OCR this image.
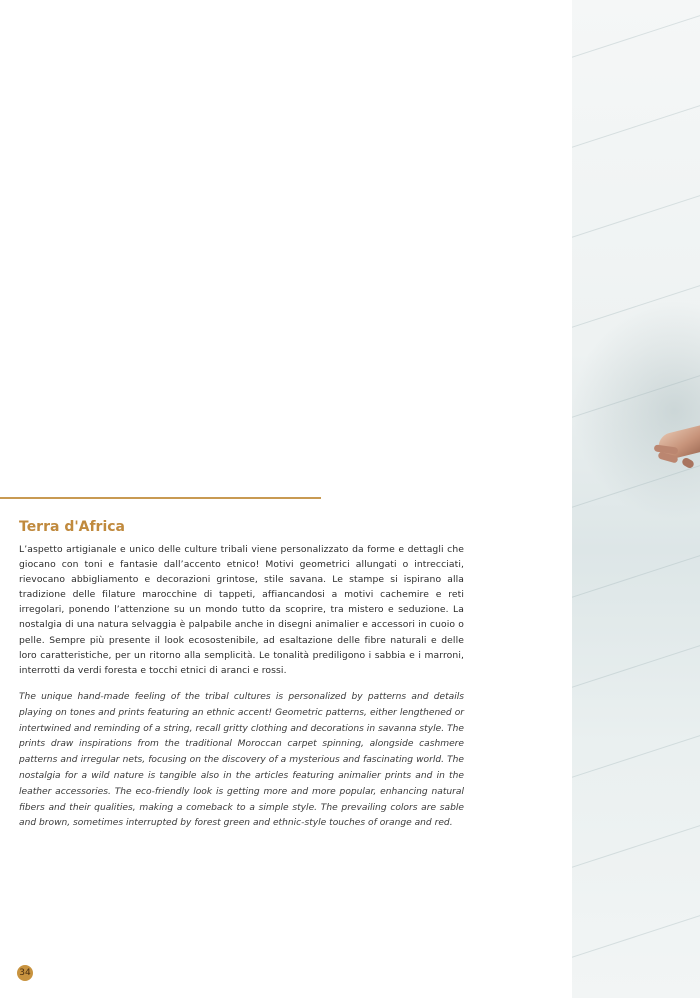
Terra d'Africa

L’aspetto artigianale e unico delle culture tribali viene personalizzato da forme e dettagli che giocano con toni e fantasie dall’accento etnico! Motivi geometrici allungati o intrecciati, rievocano abbigliamento e decorazioni grintose, stile savana. Le stampe si ispirano alla tradizione delle filature marocchine di tappeti, affiancandosi a motivi cachemire e reti irregolari, ponendo l’attenzione su un mondo tutto da scoprire, tra mistero e seduzione. La nostalgia di una natura selvaggia è palpabile anche in disegni animalier e accessori in cuoio o pelle. Sempre più presente il look ecosostenibile, ad esaltazione delle fibre naturali e delle loro caratteristiche, per un ritorno alla semplicità. Le tonalità prediligono i sabbia e i marroni, interrotti da verdi foresta e tocchi etnici di aranci e rossi.

The unique hand-made feeling of the tribal cultures is personalized by patterns and details playing on tones and prints featuring an ethnic accent! Geometric patterns, either lengthened or intertwined and reminding of a string, recall gritty clothing and decorations in savanna style. The prints draw inspirations from the traditional Moroccan carpet spinning, alongside cashmere patterns and irregular nets, focusing on the discovery of a mysterious and fascinating world. The nostalgia for a wild nature is tangible also in the articles featuring animalier prints and in the leather accessories. The eco-friendly look is getting more and more popular, enhancing natural fibers and their qualities, making a comeback to a simple style. The prevailing colors are sable and brown, sometimes interrupted by forest green and ethnic-style touches of orange and red.

34
